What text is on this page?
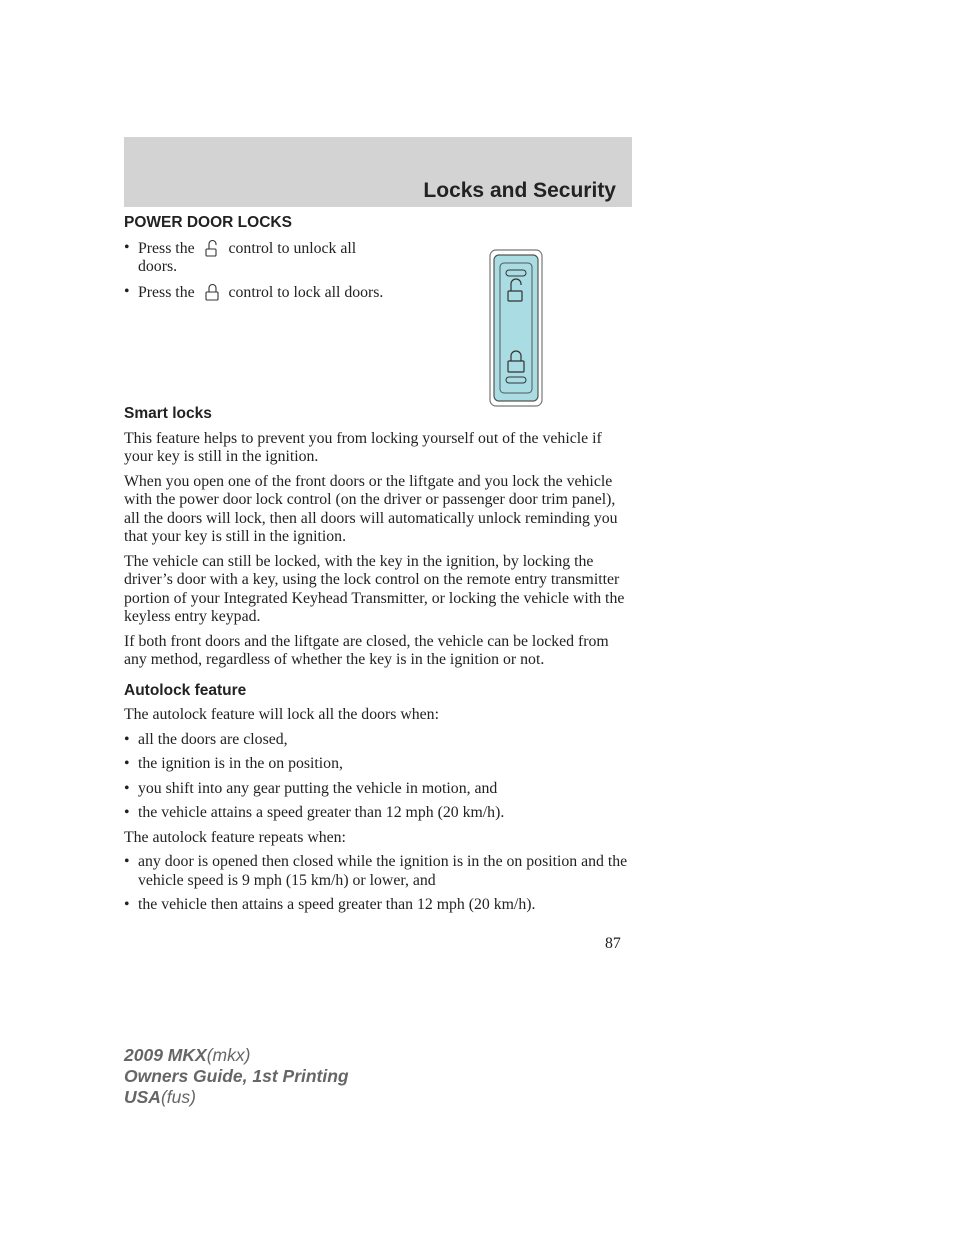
Locks and Security
POWER DOOR LOCKS
• Press the control to unlock all doors.
• Press the control to lock all doors.
Smart locks

This feature helps to prevent you from locking yourself out of the vehicle if your key is still in the ignition.

When you open one of the front doors or the liftgate and you lock the vehicle with the power door lock control (on the driver or passenger door trim panel), all the doors will lock, then all doors will automatically unlock reminding you that your key is still in the ignition.

The vehicle can still be locked, with the key in the ignition, by locking the driver’s door with a key, using the lock control on the remote entry transmitter portion of your Integrated Keyhead Transmitter, or locking the vehicle with the keyless entry keypad.

If both front doors and the liftgate are closed, the vehicle can be locked from any method, regardless of whether the key is in the ignition or not.

Autolock feature

The autolock feature will lock all the doors when:

• all the doors are closed,
• the ignition is in the on position,
• you shift into any gear putting the vehicle in motion, and
• the vehicle attains a speed greater than 12 mph (20 km/h).

The autolock feature repeats when:

• any door is opened then closed while the ignition is in the on position and the vehicle speed is 9 mph (15 km/h) or lower, and
• the vehicle then attains a speed greater than 12 mph (20 km/h).
87
2009 MKX(mkx)
Owners Guide, 1st Printing
USA(fus)
